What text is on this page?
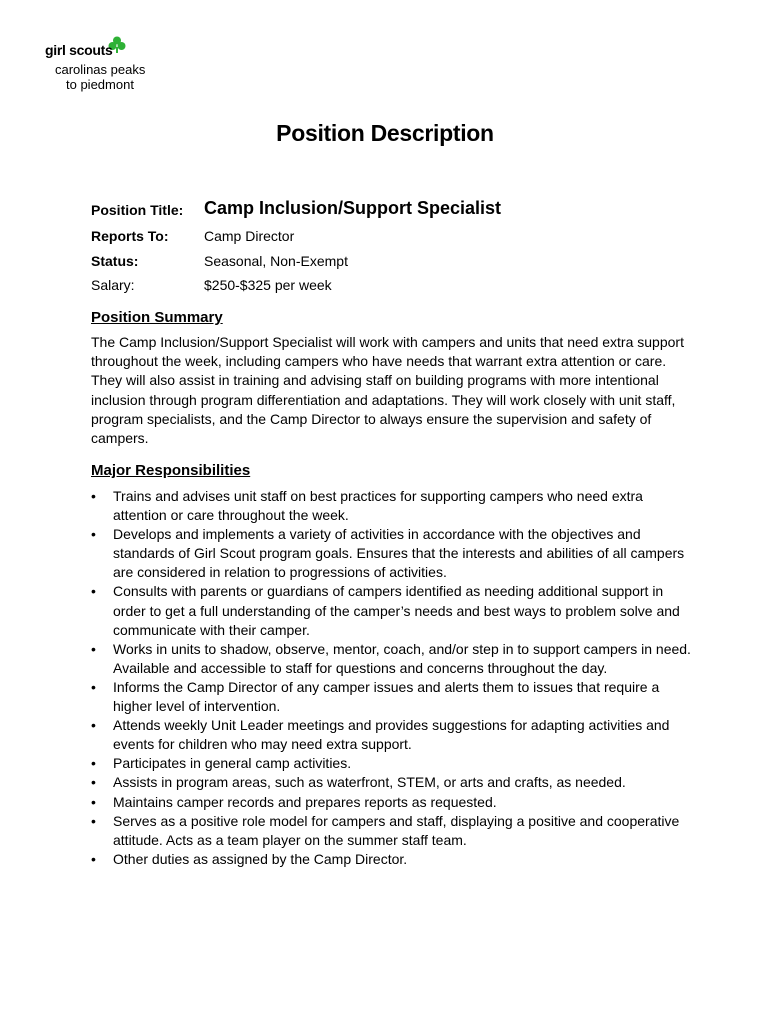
girl scouts
carolinas peaks
to piedmont
Position Description
Position Title: Camp Inclusion/Support Specialist
Reports To:	Camp Director
Status:	Seasonal, Non-Exempt
Salary:	$250-$325 per week
Position Summary

The Camp Inclusion/Support Specialist will work with campers and units that need extra support throughout the week, including campers who have needs that warrant extra attention or care. They will also assist in training and advising staff on building programs with more intentional inclusion through program differentiation and adaptations. They will work closely with unit staff, program specialists, and the Camp Director to always ensure the supervision and safety of campers.

Major Responsibilities
• Trains and advises unit staff on best practices for supporting campers who need extra attention or care throughout the week.
• Develops and implements a variety of activities in accordance with the objectives and standards of Girl Scout program goals. Ensures that the interests and abilities of all campers are considered in relation to progressions of activities.
• Consults with parents or guardians of campers identified as needing additional support in order to get a full understanding of the camper’s needs and best ways to problem solve and communicate with their camper.
• Works in units to shadow, observe, mentor, coach, and/or step in to support campers in need. Available and accessible to staff for questions and concerns throughout the day.
• Informs the Camp Director of any camper issues and alerts them to issues that require a higher level of intervention.
• Attends weekly Unit Leader meetings and provides suggestions for adapting activities and events for children who may need extra support.
• Participates in general camp activities.
• Assists in program areas, such as waterfront, STEM, or arts and crafts, as needed.
• Maintains camper records and prepares reports as requested.
• Serves as a positive role model for campers and staff, displaying a positive and cooperative attitude. Acts as a team player on the summer staff team.
• Other duties as assigned by the Camp Director.
